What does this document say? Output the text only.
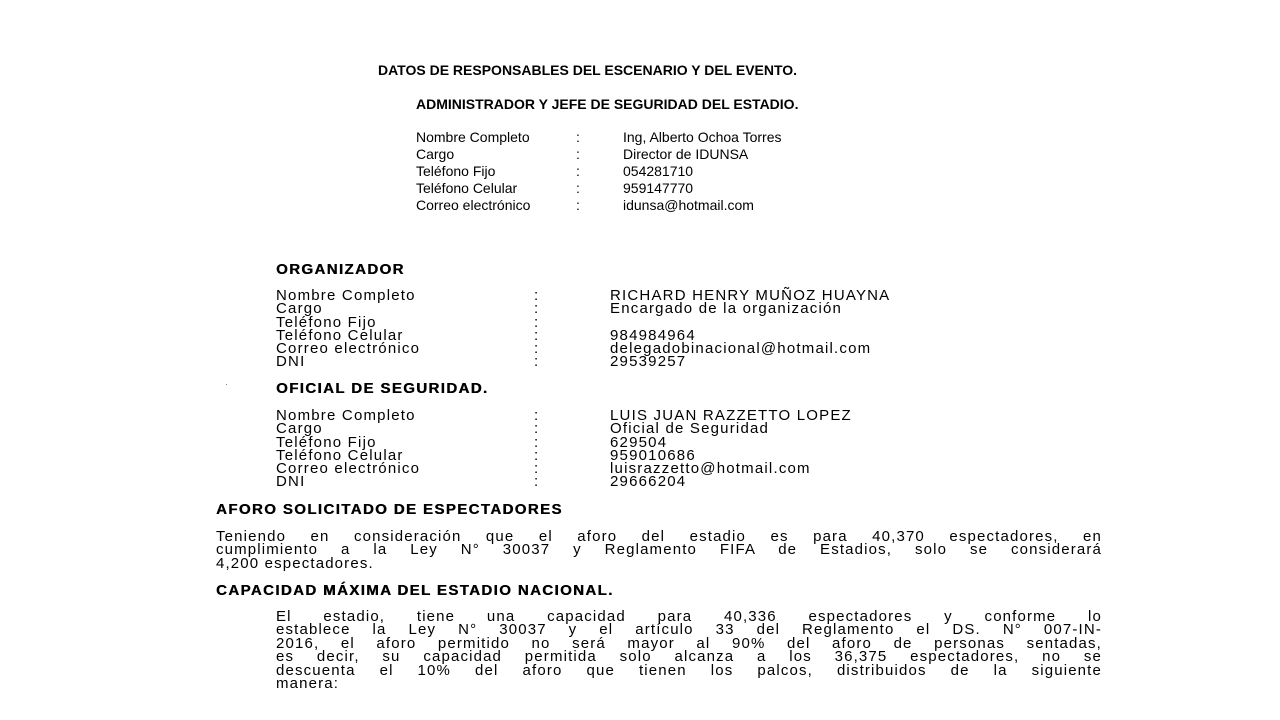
DATOS DE RESPONSABLES DEL ESCENARIO Y DEL EVENTO.
ADMINISTRADOR Y JEFE DE SEGURIDAD DEL ESTADIO.
Nombre Completo	:	Ing, Alberto Ochoa Torres
Cargo	:	Director de IDUNSA
Teléfono Fijo	:	054281710
Teléfono Celular	:	959147770
Correo electrónico	:	idunsa@hotmail.com
ORGANIZADOR
Nombre Completo	:	RICHARD HENRY MUÑOZ HUAYNA
Cargo	:	Encargado de la organización
Teléfono Fijo	:
Teléfono Celular	:	984984964
Correo electrónico	:	delegadobinacional@hotmail.com
DNI	:	29539257
OFICIAL DE SEGURIDAD.
Nombre Completo	:	LUIS JUAN RAZZETTO LOPEZ
Cargo	:	Oficial de Seguridad
Teléfono Fijo	:	629504
Teléfono Celular	:	959010686
Correo electrónico	:	luisrazzetto@hotmail.com
DNI	:	29666204
AFORO SOLICITADO DE ESPECTADORES
Teniendo en consideración que el aforo del estadio es para 40,370 espectadores, en
cumplimiento a la Ley N° 30037 y Reglamento FIFA de Estadios, solo se considerará
4,200 espectadores.
CAPACIDAD MÁXIMA DEL ESTADIO NACIONAL.
El estadio, tiene una capacidad para 40,336 espectadores y conforme lo
establece la Ley N° 30037 y el artículo 33 del Reglamento el DS. N° 007-IN-
2016, el aforo permitido no será mayor al 90% del aforo de personas sentadas,
es decir, su capacidad permitida solo alcanza a los 36,375 espectadores, no se
descuenta el 10% del aforo que tienen los palcos, distribuidos de la siguiente
manera:
